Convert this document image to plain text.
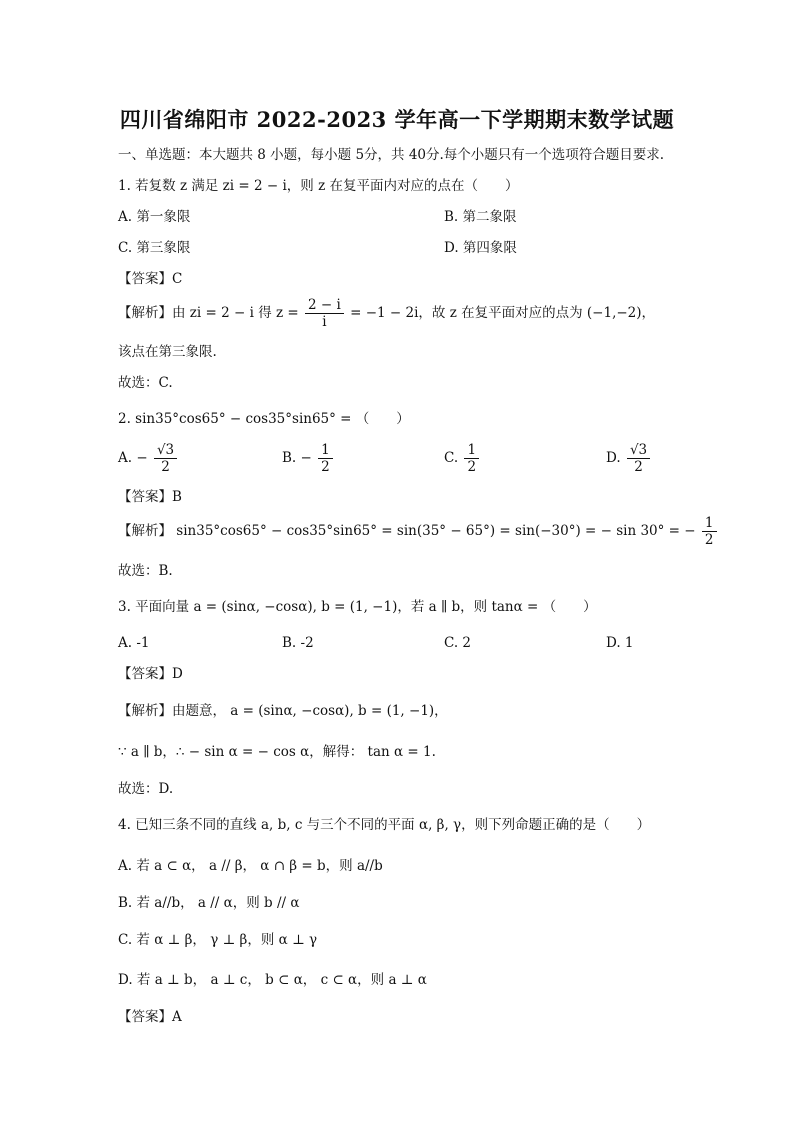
四川省绵阳市 2022-2023 学年高一下学期期末数学试题
一、单选题：本大题共 8 小题，每小题 5分，共 40分.每个小题只有一个选项符合题目要求.
1. 若复数 z 满足 zi = 2 − i，则 z 在复平面内对应的点在（　　）
A. 第一象限	B. 第二象限
C. 第三象限	D. 第四象限
【答案】C
【解析】由 zi = 2 − i 得 $z = \frac{2 - i}{i} = -1 - 2i$，故 z 在复平面对应的点为 (−1,−2)，
该点在第三象限.
故选：C.
2. sin35°cos65° − cos35°sin65° = （　　）
A. − $\frac{√3}{2}$	B. − $\frac{1}{2}$	C. $\frac{1}{2}$	D. $\frac{√3}{2}$
【答案】B
【解析】 sin35°cos65° − cos35°sin65° = sin(35° − 65°) = sin(−30°) = − sin 30° = − $\frac{1}{2}$
故选：B.
3. 平面向量 a = (sinα, −cosα), b = (1, −1)，若 a ∥ b，则 tanα = （　　）
A. -1	B. -2	C. 2	D. 1
【答案】D
【解析】由题意， a = (sinα, −cosα), b = (1, −1)，
∵ a ∥ b，∴ − sin α = − cos α，解得： tan α = 1.
故选：D.
4. 已知三条不同的直线 a, b, c 与三个不同的平面 α, β, γ，则下列命题正确的是（　　）
A. 若 a ⊂ α， a // β， α ∩ β = b，则 a//b
B. 若 a//b， a // α，则 b // α
C. 若 α ⊥ β， γ ⊥ β，则 α ⊥ γ
D. 若 a ⊥ b， a ⊥ c， b ⊂ α， c ⊂ α，则 a ⊥ α
【答案】A
